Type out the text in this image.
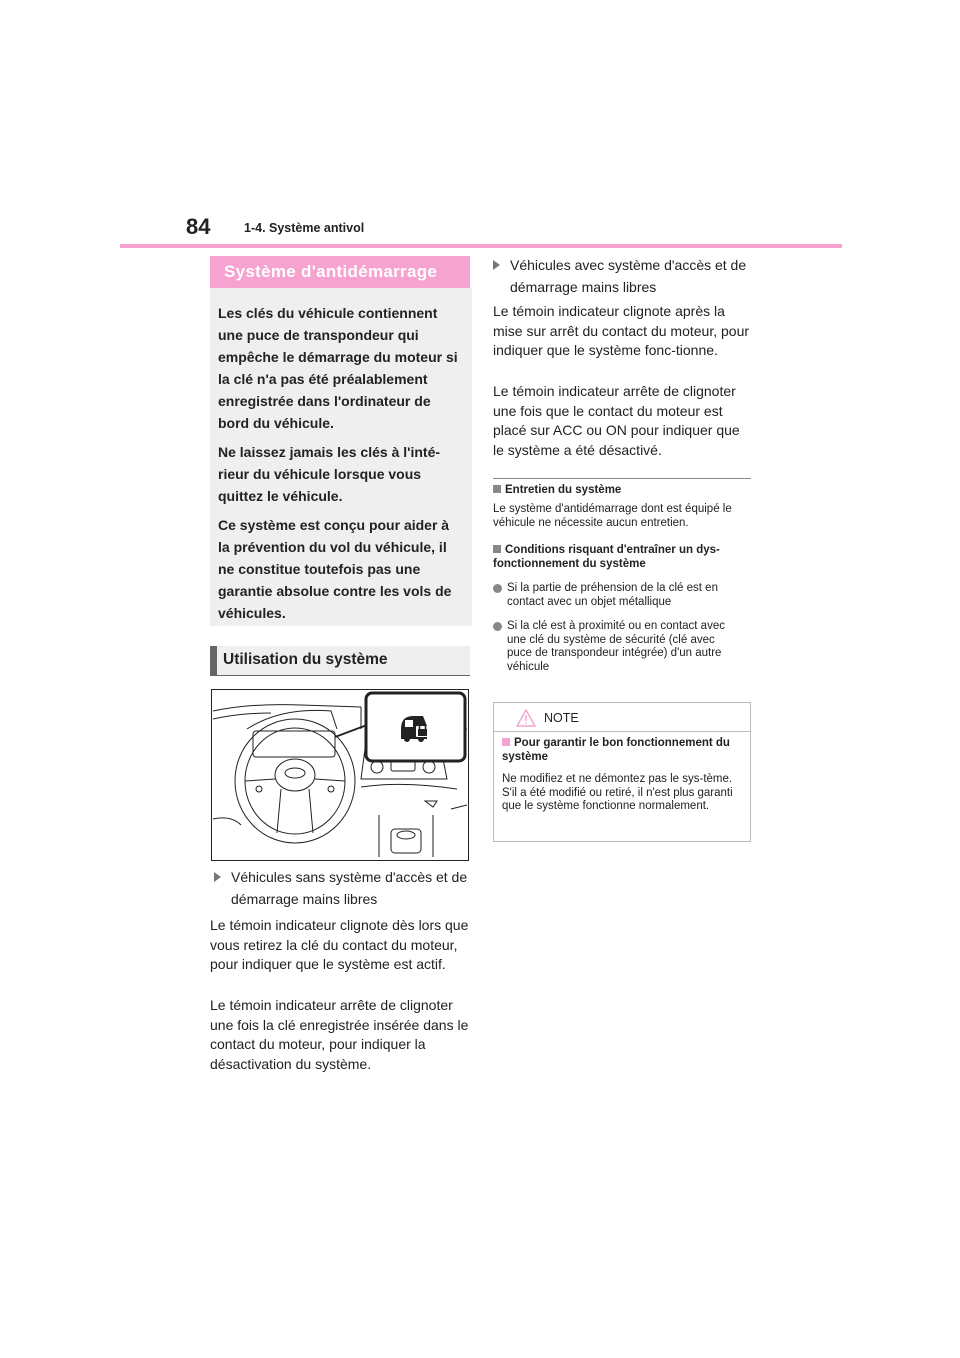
84	1-4. Système antivol
Système d'antidémarrage

Les clés du véhicule contiennent une puce de transpondeur qui empêche le démarrage du moteur si la clé n'a pas été préalablement enregistrée dans l'ordinateur de bord du véhicule.

Ne laissez jamais les clés à l'inté-rieur du véhicule lorsque vous quittez le véhicule.

Ce système est conçu pour aider à la prévention du vol du véhicule, il ne constitue toutefois pas une garantie absolue contre les vols de véhicules.

Utilisation du système
Véhicules sans système d'accès et de démarrage mains libres

Le témoin indicateur clignote dès lors que vous retirez la clé du contact du moteur, pour indiquer que le système est actif.

Le témoin indicateur arrête de clignoter une fois la clé enregistrée insérée dans le contact du moteur, pour indiquer la désactivation du système.

Véhicules avec système d'accès et de démarrage mains libres

Le témoin indicateur clignote après la mise sur arrêt du contact du moteur, pour indiquer que le système fonc-tionne.

Le témoin indicateur arrête de clignoter une fois que le contact du moteur est placé sur ACC ou ON pour indiquer que le système a été désactivé.

Entretien du système
Le système d'antidémarrage dont est équipé le véhicule ne nécessite aucun entretien.
Conditions risquant d'entraîner un dys-fonctionnement du système
Si la partie de préhension de la clé est en contact avec un objet métallique
Si la clé est à proximité ou en contact avec une clé du système de sécurité (clé avec puce de transpondeur intégrée) d'un autre véhicule
NOTE
Pour garantir le bon fonctionnement du système
Ne modifiez et ne démontez pas le sys-tème. S'il a été modifié ou retiré, il n'est plus garanti que le système fonctionne normalement.
